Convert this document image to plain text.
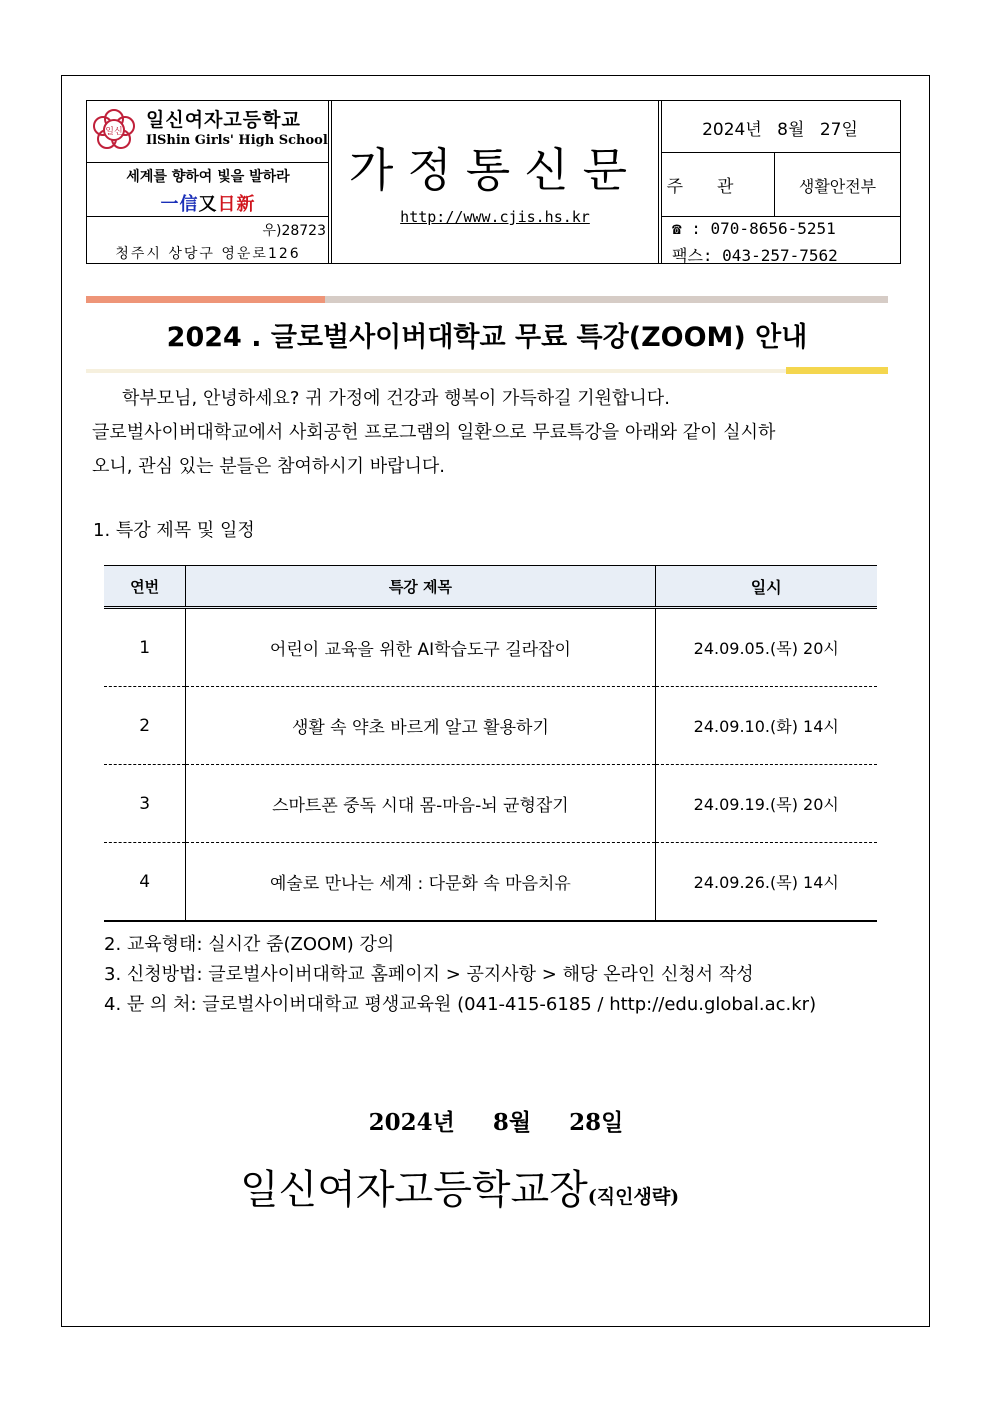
일신
일신여자고등학교
IlShin Girls' High School
세계를 향하여 빛을 발하라
一信又日新
우)28723
청주시 상당구 영운로126
가정통신문
http://www.cjis.hs.kr
2024년 8월 27일
주관	생활안전부
☎ : 070-8656-5251
팩스: 043-257-7562
2024 . 글로벌사이버대학교 무료 특강(ZOOM) 안내

학부모님, 안녕하세요? 귀 가정에 건강과 행복이 가득하길 기원합니다.

글로벌사이버대학교에서 사회공헌 프로그램의 일환으로 무료특강을 아래와 같이 실시하

오니, 관심 있는 분들은 참여하시기 바랍니다.

1. 특강 제목 및 일정
연번	특강 제목	일시
1	어린이 교육을 위한 AI학습도구 길라잡이	24.09.05.(목) 20시
2	생활 속 약초 바르게 알고 활용하기	24.09.10.(화) 14시
3	스마트폰 중독 시대 몸-마음-뇌 균형잡기	24.09.19.(목) 20시
4	예술로 만나는 세계 : 다문화 속 마음치유	24.09.26.(목) 14시

2. 교육형태: 실시간 줌(ZOOM) 강의

3. 신청방법: 글로벌사이버대학교 홈페이지 > 공지사항 > 해당 온라인 신청서 작성

4. 문 의 처: 글로벌사이버대학교 평생교육원 (041-415-6185 / http://edu.global.ac.kr)

2024년 8월 28일
일신여자고등학교장(직인생략)
